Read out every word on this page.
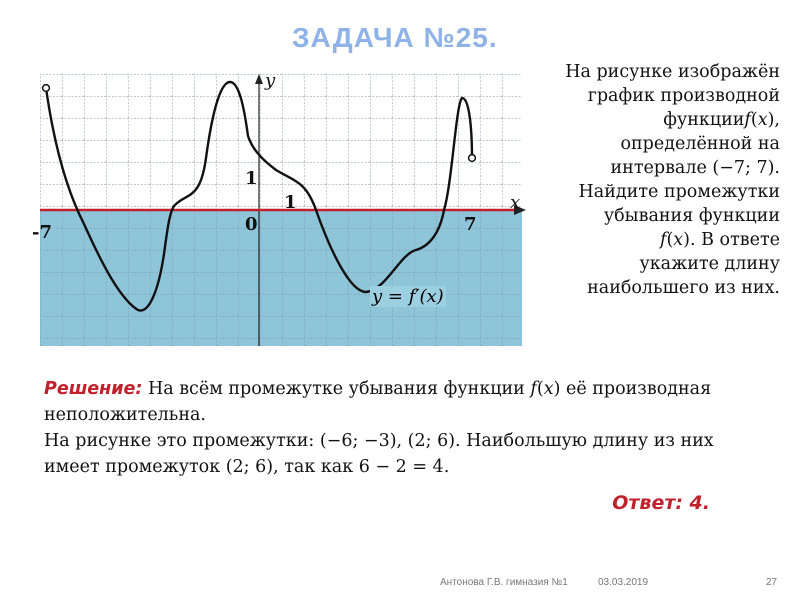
ЗАДАЧА №25.
y
x
0
1
1
-7	7
y = f′(x)
На рисунке изображён
график производной
функции𝑓(𝑥),
определённой на
интервале (−7; 7).
Найдите промежутки
убывания функции
𝑓(𝑥). В ответе
укажите длину
наибольшего из них.

Решение: На всём промежутке убывания функции 𝑓(𝑥) её производная неположительна.

На рисунке это промежутки: (−6; −3), (2; 6). Наибольшую длину из них имеет промежуток (2; 6), так как 6 − 2 = 4.

Ответ: 4.
Антонова Г.В. гимназия №1	03.03.2019	27
